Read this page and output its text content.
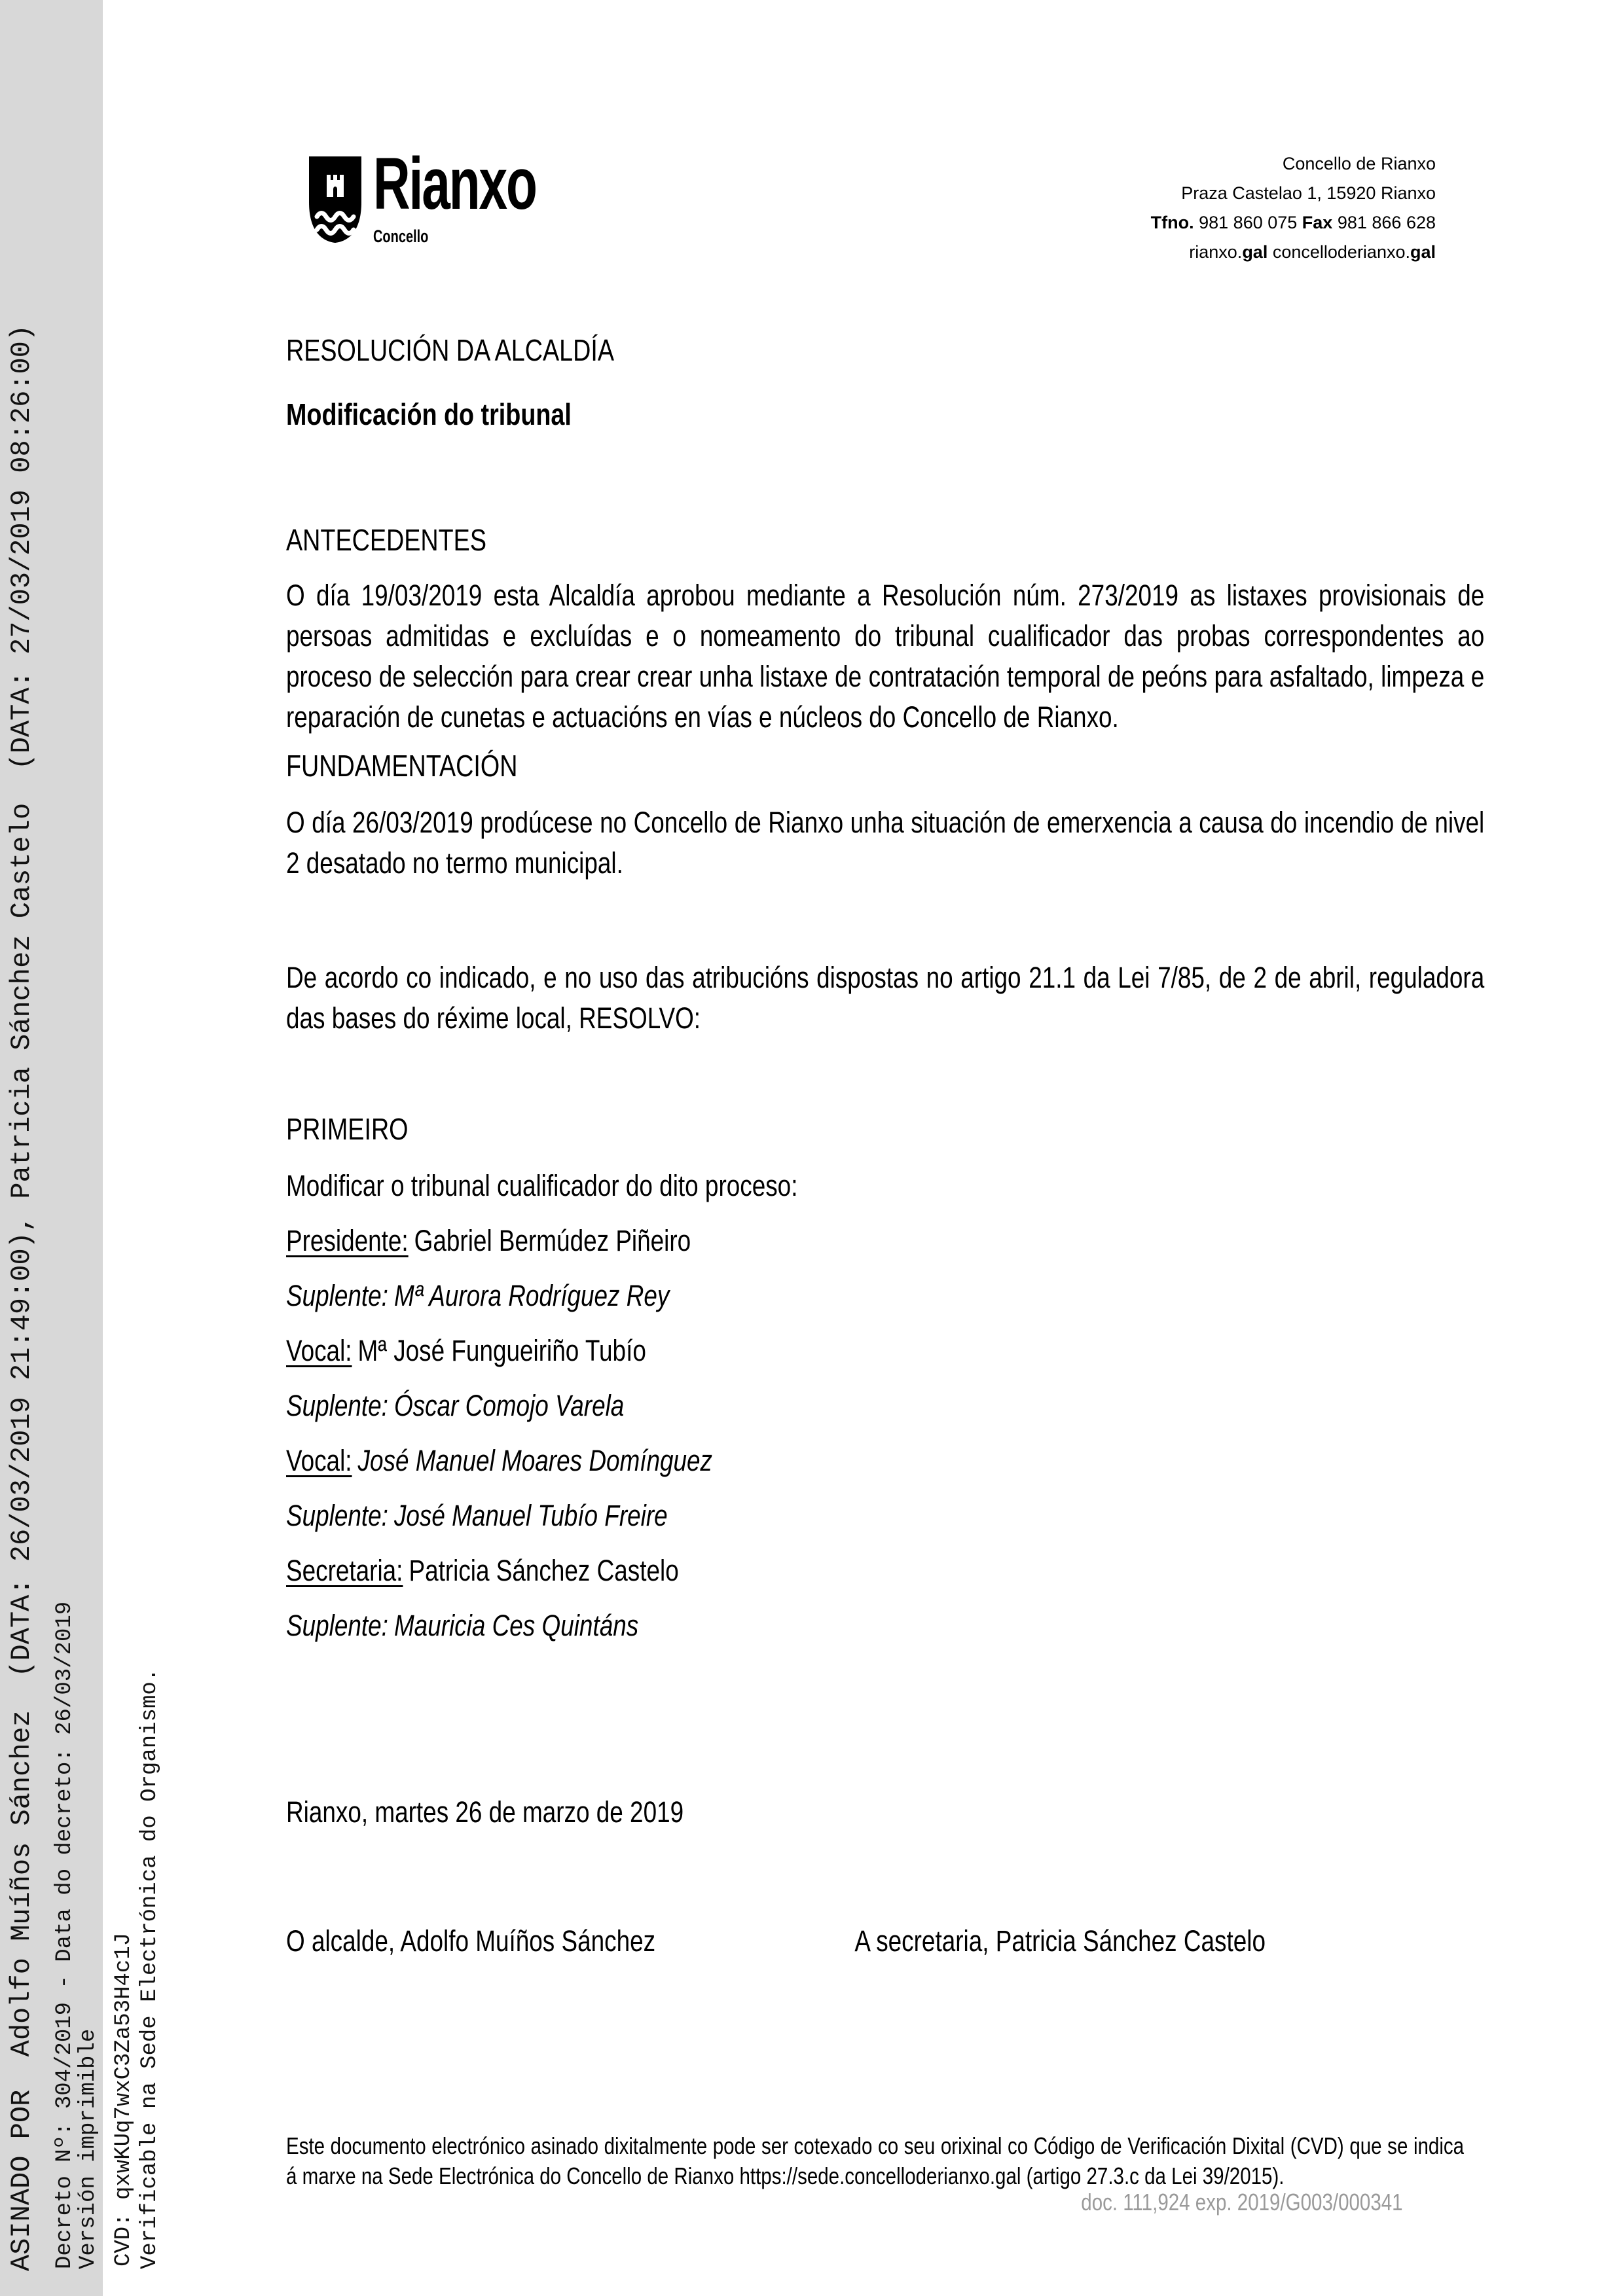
ASINADO POR  Adolfo Muíños Sánchez  (DATA: 26/03/2019 21:49:00), Patricia Sánchez Castelo  (DATA: 27/03/2019 08:26:00) Decreto Nº: 304/2019 - Data do decreto: 26/03/2019
Versión imprimible CVD: qxwKUq7wxC3Za53H4c1J Verificable na Sede Electrónica do Organismo.
Rianxo
Concello
Concello de Rianxo
Praza Castelao 1, 15920 Rianxo
Tfno. 981 860 075 Fax 981 866 628
rianxo.gal concelloderianxo.gal
RESOLUCIÓN DA ALCALDÍA
Modificación do tribunal
ANTECEDENTES
O día 19/03/2019 esta Alcaldía aprobou mediante a Resolución núm. 273/2019 as listaxes provisionais de persoas admitidas e excluídas e o nomeamento do tribunal cualificador das probas correspondentes ao proceso de selección para crear crear unha listaxe de contratación temporal de peóns para asfaltado, limpeza e reparación de cunetas e actuacións en vías e núcleos do Concello de Rianxo.
FUNDAMENTACIÓN
O día 26/03/2019 prodúcese no Concello de Rianxo unha situación de emerxencia a causa do incendio de nivel 2 desatado no termo municipal.
De acordo co indicado, e no uso das atribucións dispostas no artigo 21.1 da Lei 7/85, de 2 de abril, reguladora das bases do réxime local, RESOLVO:
PRIMEIRO
Modificar o tribunal cualificador do dito proceso:
Presidente: Gabriel Bermúdez Piñeiro
Suplente: Mª Aurora Rodríguez Rey
Vocal: Mª José Fungueiriño Tubío
Suplente: Óscar Comojo Varela
Vocal: José Manuel Moares Domínguez
Suplente: José Manuel Tubío Freire
Secretaria: Patricia Sánchez Castelo
Suplente: Mauricia Ces Quintáns
Rianxo, martes 26 de marzo de 2019
O alcalde, Adolfo Muíños Sánchez	A secretaria, Patricia Sánchez Castelo
Este documento electrónico asinado dixitalmente pode ser cotexado co seu orixinal co Código de Verificación Dixital (CVD) que se indica á marxe na Sede Electrónica do Concello de Rianxo https://sede.concelloderianxo.gal (artigo 27.3.c da Lei 39/2015).
doc. 111,924 exp. 2019/G003/000341
